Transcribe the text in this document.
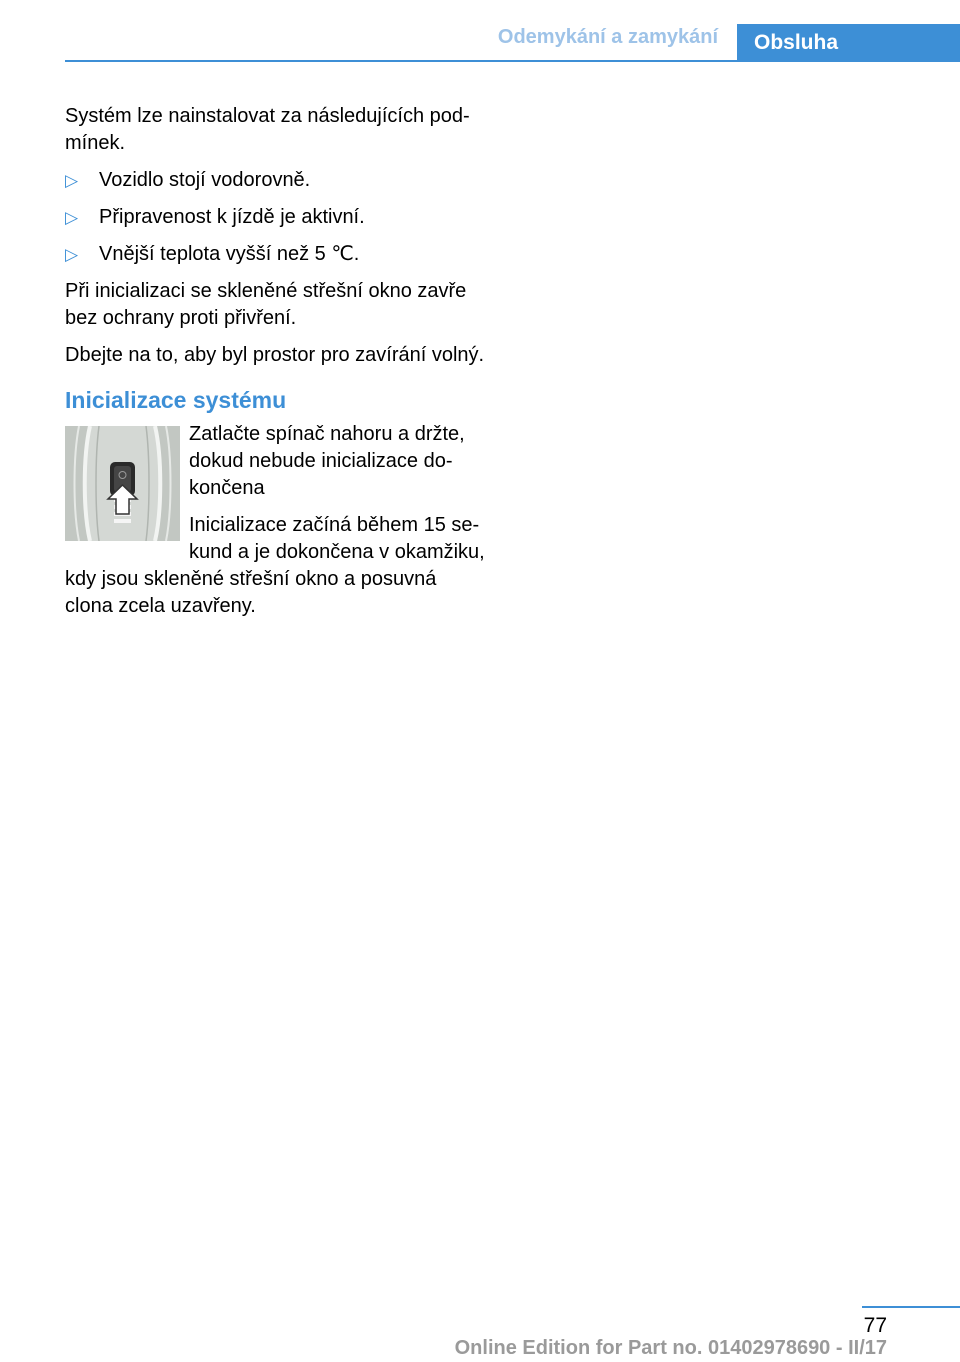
Odemykání a zamykání	Obsluha

Systém lze nainstalovat za následujících podmínek.

▷ Vozidlo stojí vodorovně.
▷ Připravenost k jízdě je aktivní.
▷ Vnější teplota vyšší než 5 ℃.

Při inicializaci se skleněné střešní okno zavře bez ochrany proti přivření.

Dbejte na to, aby byl prostor pro zavírání volný.

Inicializace systému

Zatlačte spínač nahoru a držte, dokud nebude inicializace dokončena

Inicializace začíná během 15 sekund a je dokončena v okamžiku, kdy jsou skleněné střešní okno a posuvná clona zcela uzavřeny.

77
Online Edition for Part no. 01402978690 - II/17
